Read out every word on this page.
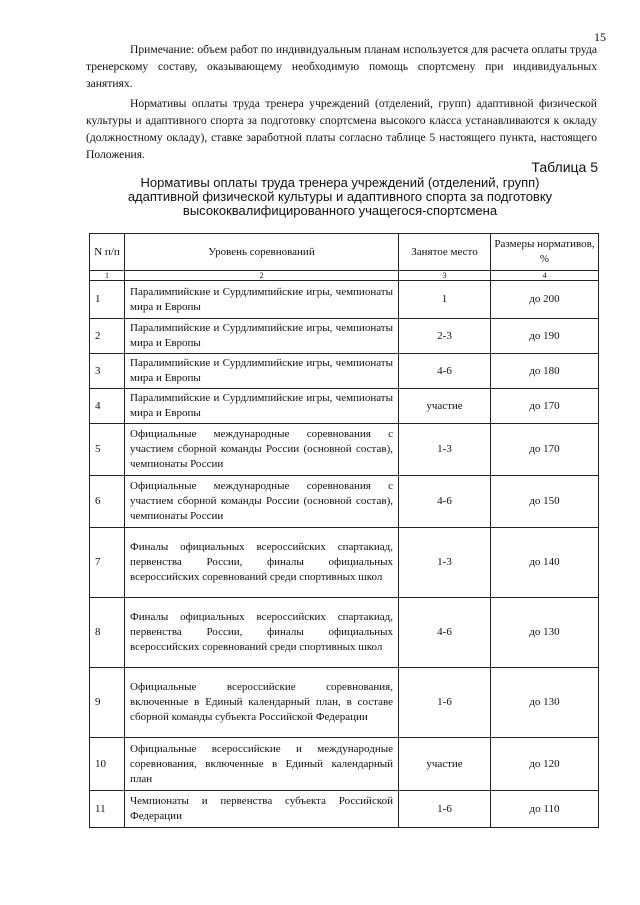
15

Примечание: объем работ по индивидуальным планам используется для расчета оплаты труда тренерскому составу, оказывающему необходимую помощь спортсмену при индивидуальных занятиях.

Нормативы оплаты труда тренера учреждений (отделений, групп) адаптивной физической культуры и адаптивного спорта за подготовку спортсмена высокого класса устанавливаются к окладу (должностному окладу), ставке заработной платы согласно таблице 5 настоящего пункта, настоящего Положения.

Таблица 5
Нормативы оплаты труда тренера учреждений (отделений, групп)
адаптивной физической культуры и адаптивного спорта за подготовку
высококвалифицированного учащегося-спортсмена
N п/п	Уровень соревнований	Занятое место	Размеры нормативов, %
1	2	3	4
1	Паралимпийские и Сурдлимпийские игры, чемпионаты мира и Европы	1	до 200
2	Паралимпийские и Сурдлимпийские игры, чемпионаты мира и Европы	2-3	до 190
3	Паралимпийские и Сурдлимпийские игры, чемпионаты мира и Европы	4-6	до 180
4	Паралимпийские и Сурдлимпийские игры, чемпионаты мира и Европы	участие	до 170
5	Официальные международные соревнования с участием сборной команды России (основной состав), чемпионаты России	1-3	до 170
6	Официальные международные соревнования с участием сборной команды России (основной состав), чемпионаты России	4-6	до 150
7	Финалы официальных всероссийских спартакиад, первенства России, финалы официальных всероссийских соревнований среди спортивных школ	1-3	до 140
8	Финалы официальных всероссийских спартакиад, первенства России, финалы официальных всероссийских соревнований среди спортивных школ	4-6	до 130
9	Официальные всероссийские соревнования, включенные в Единый календарный план, в составе сборной команды субъекта Российской Федерации	1-6	до 130
10	Официальные всероссийские и международные соревнования, включенные в Единый календарный план	участие	до 120
11	Чемпионаты и первенства субъекта Российской Федерации	1-6	до 110
